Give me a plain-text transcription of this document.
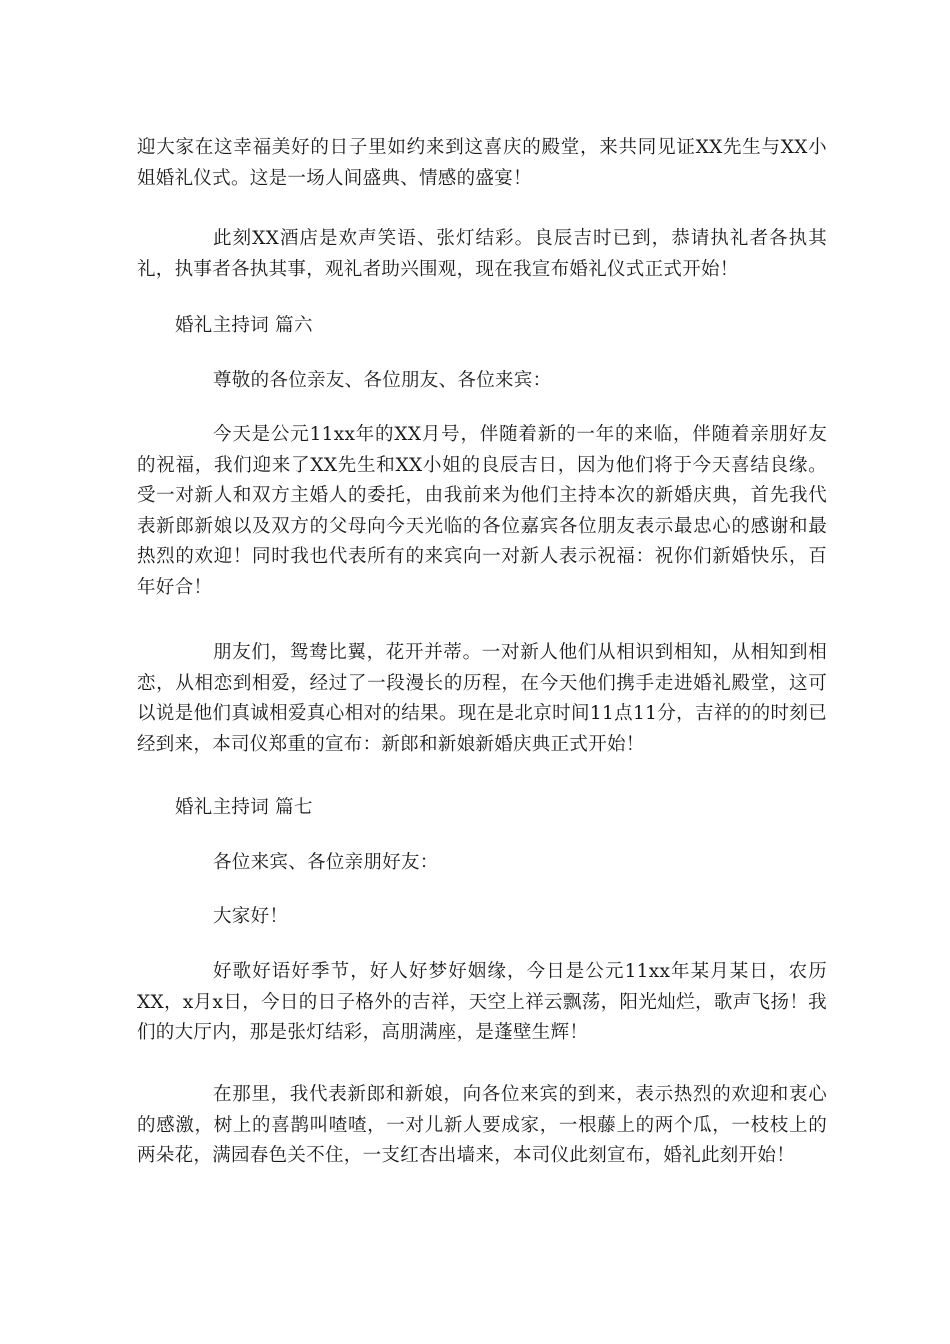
迎大家在这幸福美好的日子里如约来到这喜庆的殿堂，来共同见证XX先生与XX小姐婚礼仪式。这是一场人间盛典、情感的盛宴！

此刻XX酒店是欢声笑语、张灯结彩。良辰吉时已到，恭请执礼者各执其礼，执事者各执其事，观礼者助兴围观，现在我宣布婚礼仪式正式开始！

婚礼主持词 篇六

尊敬的各位亲友、各位朋友、各位来宾：

今天是公元11xx年的XX月号，伴随着新的一年的来临，伴随着亲朋好友的祝福，我们迎来了XX先生和XX小姐的良辰吉日，因为他们将于今天喜结良缘。受一对新人和双方主婚人的委托，由我前来为他们主持本次的新婚庆典，首先我代表新郎新娘以及双方的父母向今天光临的各位嘉宾各位朋友表示最忠心的感谢和最热烈的欢迎！同时我也代表所有的来宾向一对新人表示祝福：祝你们新婚快乐，百年好合！

朋友们，鸳鸯比翼，花开并蒂。一对新人他们从相识到相知，从相知到相恋，从相恋到相爱，经过了一段漫长的历程，在今天他们携手走进婚礼殿堂，这可以说是他们真诚相爱真心相对的结果。现在是北京时间11点11分，吉祥的的时刻已经到来，本司仪郑重的宣布：新郎和新娘新婚庆典正式开始！

婚礼主持词 篇七

各位来宾、各位亲朋好友：

大家好！

好歌好语好季节，好人好梦好姻缘，今日是公元11xx年某月某日，农历XX，x月x日，今日的日子格外的吉祥，天空上祥云飘荡，阳光灿烂，歌声飞扬！我们的大厅内，那是张灯结彩，高朋满座，是蓬壁生辉！

在那里，我代表新郎和新娘，向各位来宾的到来，表示热烈的欢迎和衷心的感激，树上的喜鹊叫喳喳，一对儿新人要成家，一根藤上的两个瓜，一枝枝上的两朵花，满园春色关不住，一支红杏出墙来，本司仪此刻宣布，婚礼此刻开始！
